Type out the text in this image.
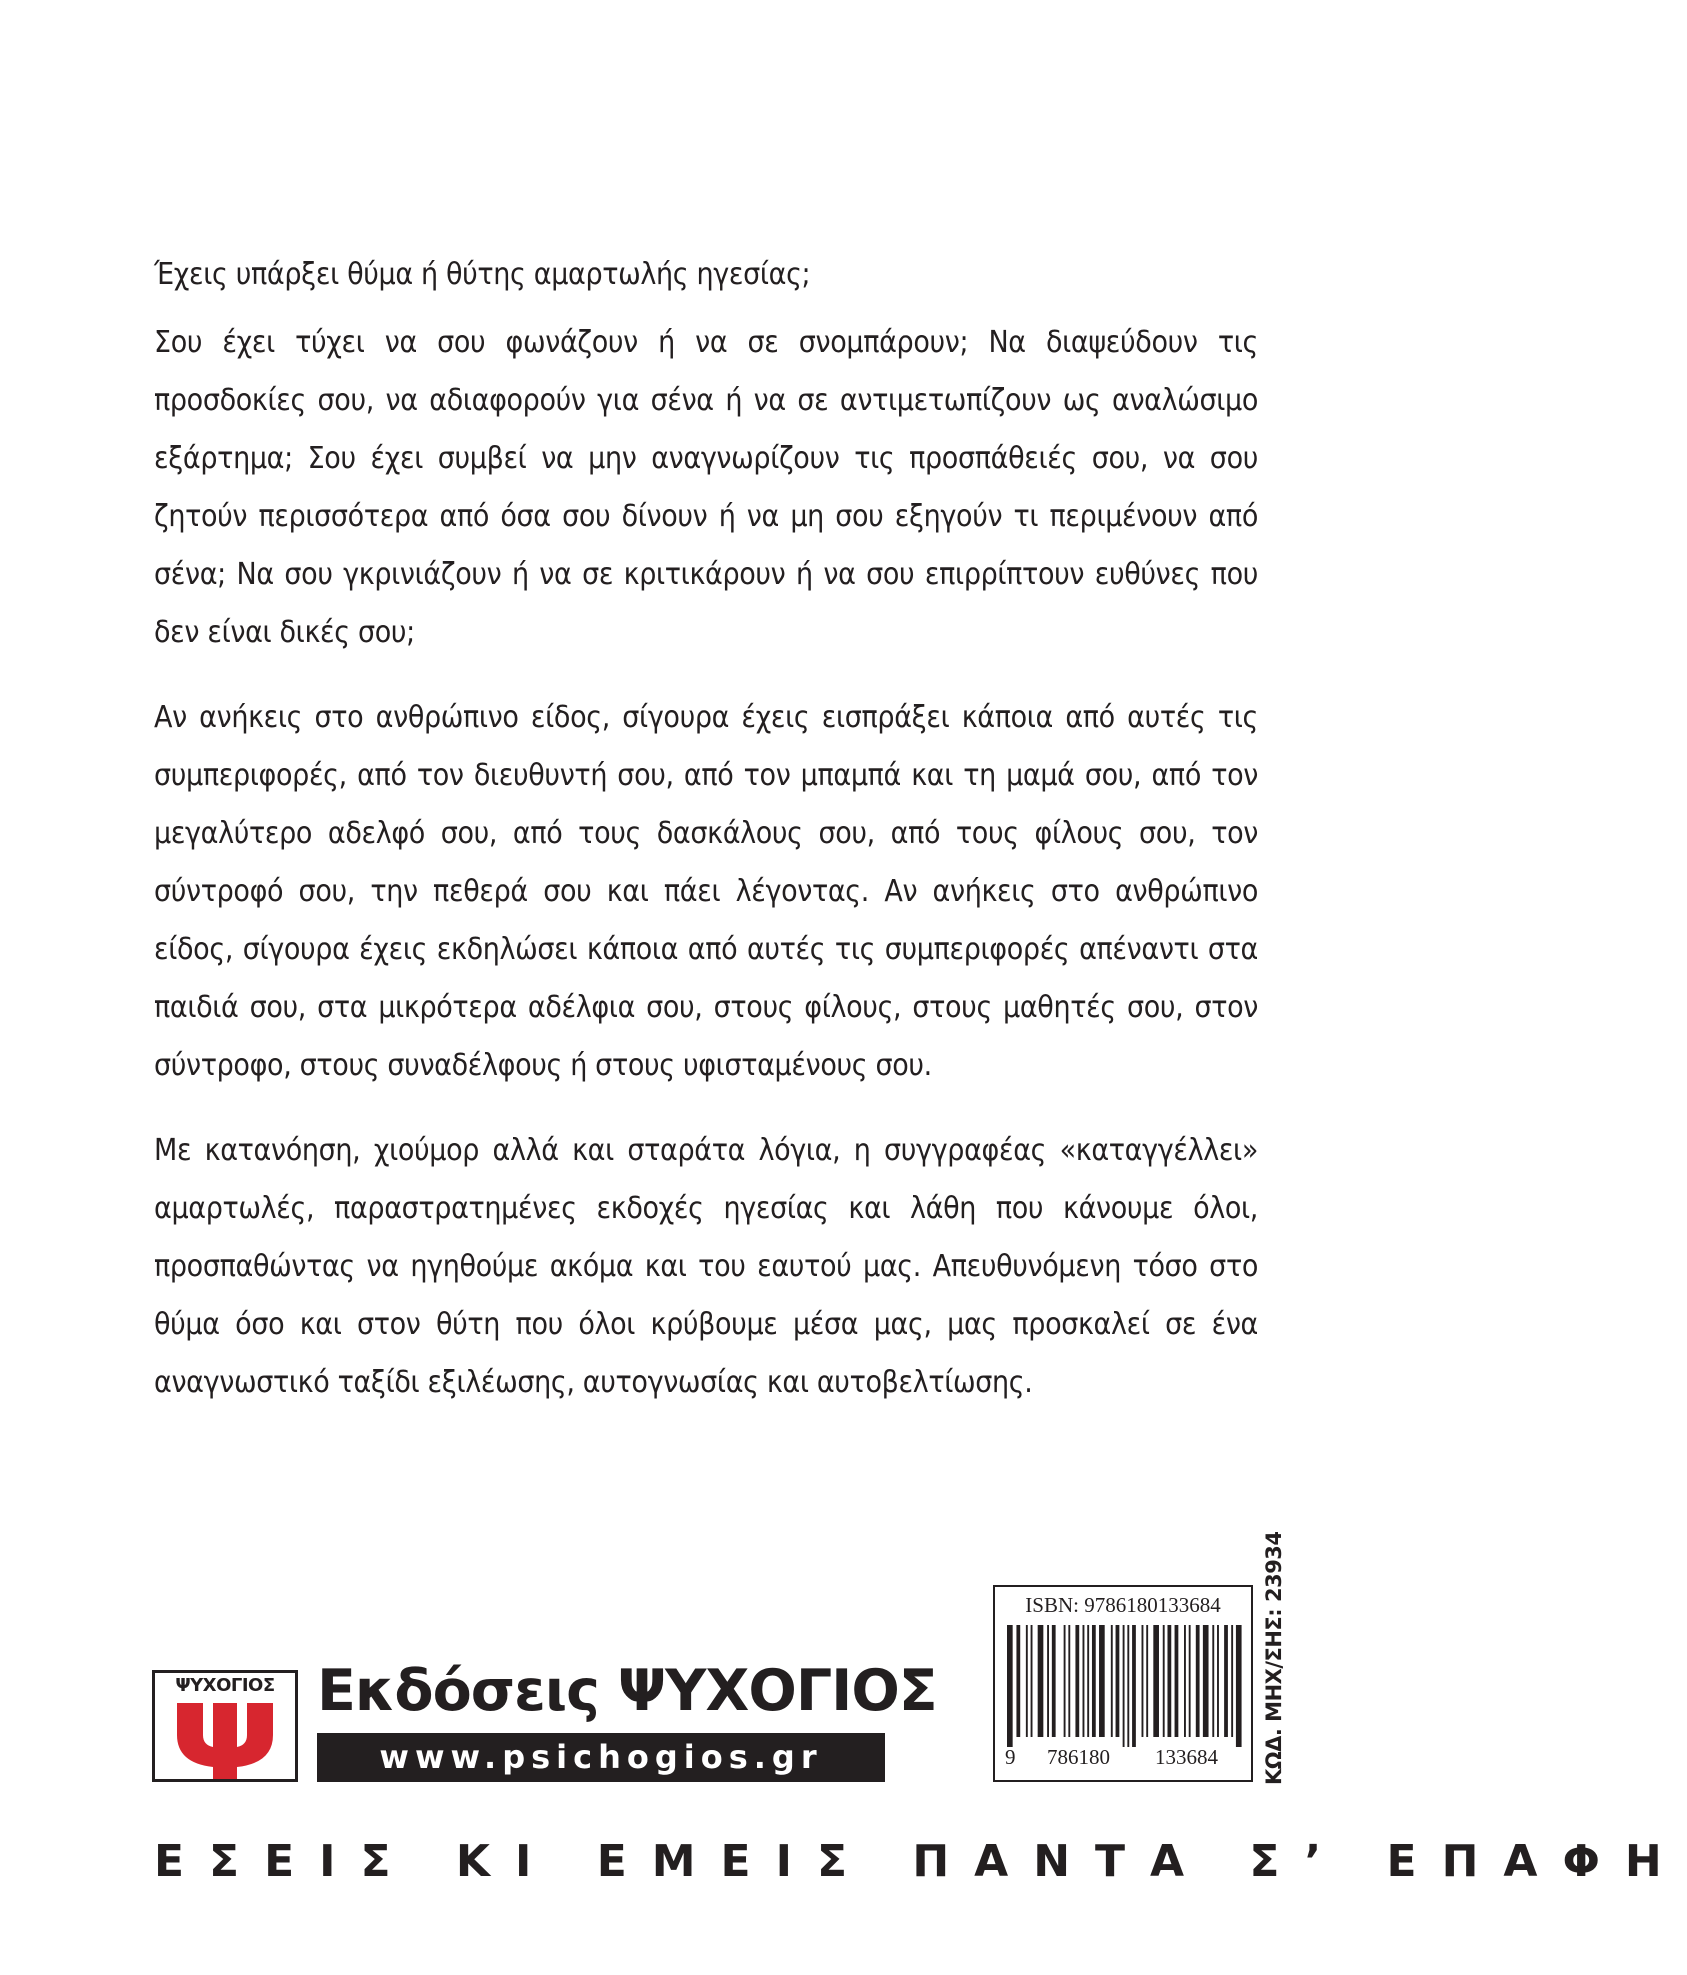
Έχεις υπάρξει θύμα ή θύτης αμαρτωλής ηγεσίας;

Σου έχει τύχει να σου φωνάζουν ή να σε σνομπάρουν; Να διαψεύδουν τις προσδοκίες σου, να αδιαφορούν για σένα ή να σε αντιμετωπίζουν ως αναλώσιμο εξάρτημα; Σου έχει συμβεί να μην αναγνωρίζουν τις προσπάθειές σου, να σου ζητούν περισσότερα από όσα σου δίνουν ή να μη σου εξηγούν τι περιμένουν από σένα; Να σου γκρινιάζουν ή να σε κριτικάρουν ή να σου επιρρίπτουν ευθύνες που δεν είναι δικές σου;

Αν ανήκεις στο ανθρώπινο είδος, σίγουρα έχεις εισπράξει κάποια από αυτές τις συμπεριφορές, από τον διευθυντή σου, από τον μπαμπά και τη μαμά σου, από τον μεγαλύτερο αδελφό σου, από τους δασκάλους σου, από τους φίλους σου, τον σύντροφό σου, την πεθερά σου και πάει λέγοντας. Αν ανήκεις στο ανθρώπινο είδος, σίγουρα έχεις εκδηλώσει κάποια από αυτές τις συμπεριφορές απέναντι στα παιδιά σου, στα μικρότερα αδέλφια σου, στους φίλους, στους μαθητές σου, στον σύντροφο, στους συναδέλφους ή στους υφισταμένους σου.

Με κατανόηση, χιούμορ αλλά και σταράτα λόγια, η συγγραφέας «καταγγέλλει» αμαρτωλές, παραστρατημένες εκδοχές ηγεσίας και λάθη που κάνουμε όλοι, προσπαθώντας να ηγηθούμε ακόμα και του εαυτού μας. Απευθυνόμενη τόσο στο θύμα όσο και στον θύτη που όλοι κρύβουμε μέσα μας, μας προσκαλεί σε ένα αναγνωστικό ταξίδι εξιλέωσης, αυτογνωσίας και αυτοβελτίωσης.

ΨΥΧΟΓΙΟΣ Εκδόσεις ΨΥΧΟΓΙΟΣ
www.psichogios.gr
ISBN: 9786180133684
9 786180 133684 ΚΩΔ. ΜΗΧ/ΣΗΣ: 23934
ΕΣΕΙΣ ΚΙ ΕΜΕΙΣ ΠΑΝΤΑ Σ’ ΕΠΑΦΗ
